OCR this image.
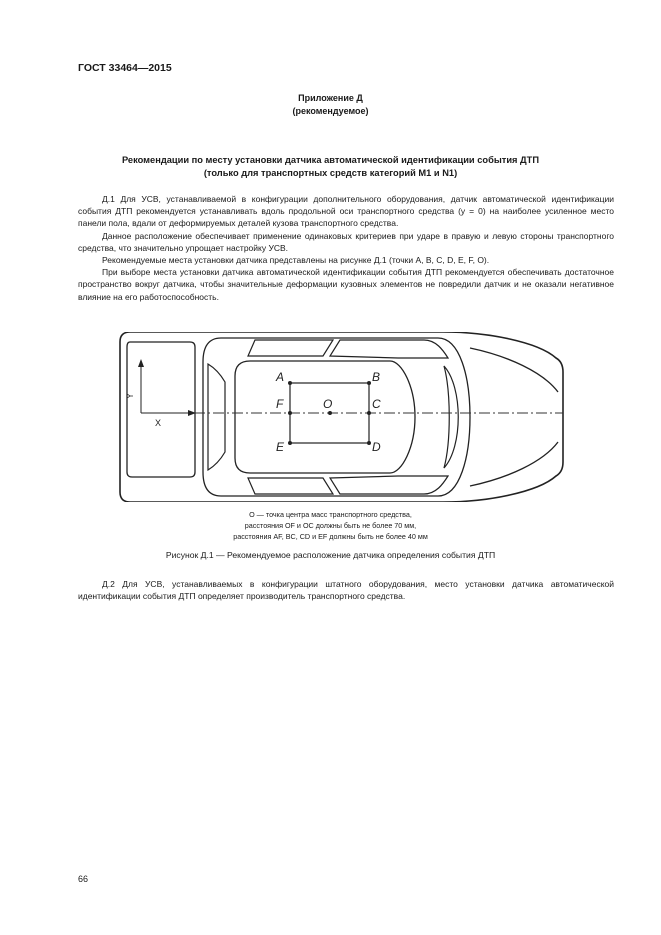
ГОСТ 33464—2015
Приложение Д
(рекомендуемое)
Рекомендации по месту установки датчика автоматической идентификации события ДТП
(только для транспортных средств категорий М1 и N1)

Д.1 Для УСВ, устанавливаемой в конфигурации дополнительного оборудования, датчик автоматической идентификации события ДТП рекомендуется устанавливать вдоль продольной оси транспортного средства (y = 0) на наиболее усиленное место панели пола, вдали от деформируемых деталей кузова транспортного средства.

Данное расположение обеспечивает применение одинаковых критериев при ударе в правую и левую стороны транспортного средства, что значительно упрощает настройку УСВ.

Рекомендуемые места установки датчика представлены на рисунке Д.1 (точки A, B, C, D, E, F, O).

При выборе места установки датчика автоматической идентификации события ДТП рекомендуется обеспечивать достаточное пространство вокруг датчика, чтобы значительные деформации кузовных элементов не повредили датчик и не оказали негативное влияние на его работоспособность.

Y
X
A	B
F	O	C
E	D
O — точка центра масс транспортного средства,
расстояния OF и OC должны быть не более 70 мм,
расстояния AF, BC, CD и EF должны быть не более 40 мм
Рисунок Д.1 — Рекомендуемое расположение датчика определения события ДТП

Д.2 Для УСВ, устанавливаемых в конфигурации штатного оборудования, место установки датчика автоматической идентификации события ДТП определяет производитель транспортного средства.

66
